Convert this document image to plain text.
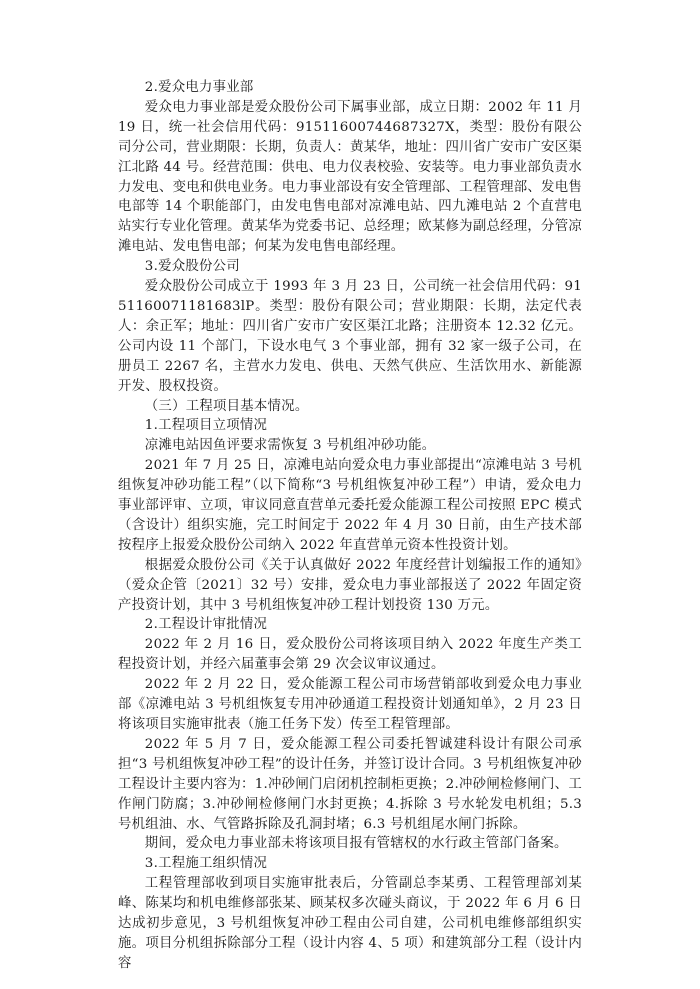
2.爱众电力事业部

爱众电力事业部是爱众股份公司下属事业部，成立日期：2002 年 11 月 19 日，统一社会信用代码：91511600744687327X，类型：股份有限公司分公司，营业期限：长期，负责人：黄某华，地址：四川省广安市广安区渠江北路 44 号。经营范围：供电、电力仪表校验、安装等。电力事业部负责水力发电、变电和供电业务。电力事业部设有安全管理部、工程管理部、发电售电部等 14 个职能部门，由发电售电部对凉滩电站、四九滩电站 2 个直营电站实行专业化管理。黄某华为党委书记、总经理；欧某修为副总经理，分管凉滩电站、发电售电部；何某为发电售电部经理。

3.爱众股份公司

爱众股份公司成立于 1993 年 3 月 23 日，公司统一社会信用代码：9151160071181683lP。类型：股份有限公司；营业期限：长期，法定代表人：余正军；地址：四川省广安市广安区渠江北路；注册资本 12.32 亿元。公司内设 11 个部门，下设水电气 3 个事业部，拥有 32 家一级子公司，在册员工 2267 名，主营水力发电、供电、天然气供应、生活饮用水、新能源开发、股权投资。

（三）工程项目基本情况。

1.工程项目立项情况

凉滩电站因鱼评要求需恢复 3 号机组冲砂功能。

2021 年 7 月 25 日，凉滩电站向爱众电力事业部提出“凉滩电站 3 号机组恢复冲砂功能工程”（以下简称“3 号机组恢复冲砂工程”）申请，爱众电力事业部评审、立项，审议同意直营单元委托爱众能源工程公司按照 EPC 模式（含设计）组织实施，完工时间定于 2022 年 4 月 30 日前，由生产技术部按程序上报爱众股份公司纳入 2022 年直营单元资本性投资计划。

根据爱众股份公司《关于认真做好 2022 年度经营计划编报工作的通知》（爱众企管〔2021〕32 号）安排，爱众电力事业部报送了 2022 年固定资产投资计划，其中 3 号机组恢复冲砂工程计划投资 130 万元。

2.工程设计审批情况

2022 年 2 月 16 日，爱众股份公司将该项目纳入 2022 年度生产类工程投资计划，并经六届董事会第 29 次会议审议通过。

2022 年 2 月 22 日，爱众能源工程公司市场营销部收到爱众电力事业部《凉滩电站 3 号机组恢复专用冲砂通道工程投资计划通知单》，2 月 23 日将该项目实施审批表（施工任务下发）传至工程管理部。

2022 年 5 月 7 日，爱众能源工程公司委托智诚建科设计有限公司承担“3 号机组恢复冲砂工程”的设计任务，并签订设计合同。3 号机组恢复冲砂工程设计主要内容为：1.冲砂闸门启闭机控制柜更换；2.冲砂闸检修闸门、工作闸门防腐；3.冲砂闸检修闸门水封更换；4.拆除 3 号水轮发电机组；5.3 号机组油、水、气管路拆除及孔洞封堵；6.3 号机组尾水闸门拆除。

期间，爱众电力事业部未将该项目报有管辖权的水行政主管部门备案。

3.工程施工组织情况

工程管理部收到项目实施审批表后，分管副总李某勇、工程管理部刘某峰、陈某均和机电维修部张某、顾某权多次碰头商议，于 2022 年 6 月 6 日达成初步意见，3 号机组恢复冲砂工程由公司自建，公司机电维修部组织实施。项目分机组拆除部分工程（设计内容 4、5 项）和建筑部分工程（设计内容
